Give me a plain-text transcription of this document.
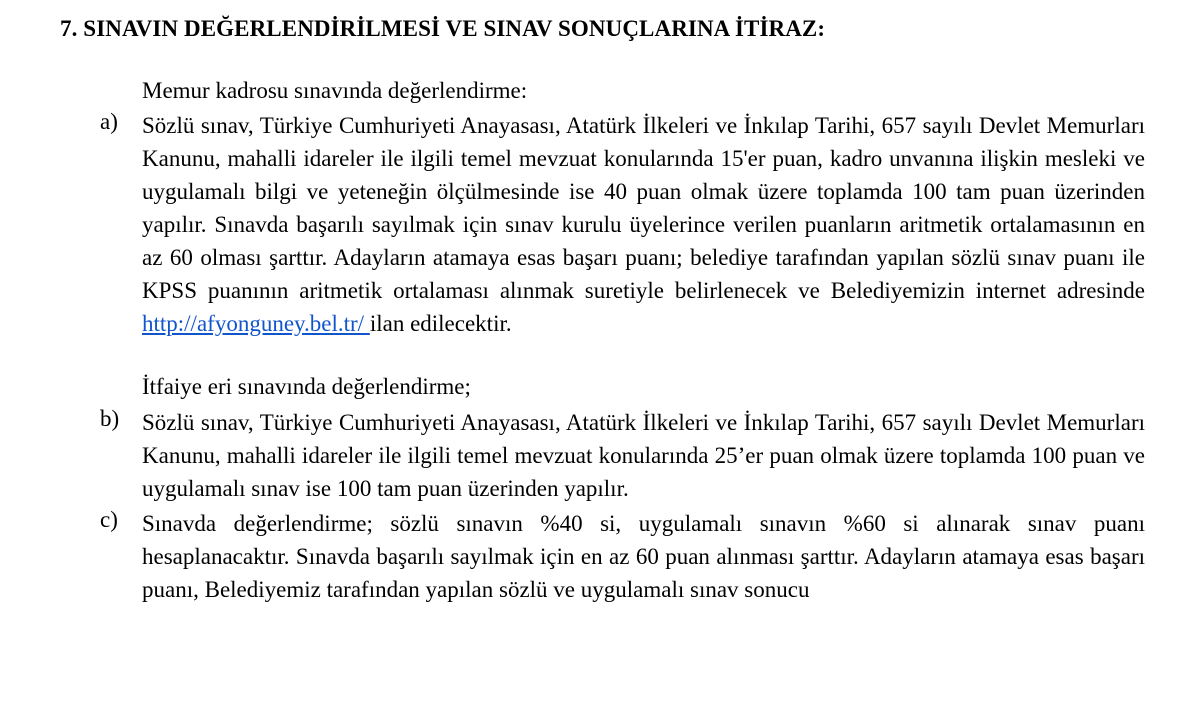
7. SINAVIN DEĞERLENDİRİLMESİ VE SINAV SONUÇLARINA İTİRAZ:
Memur kadrosu sınavında değerlendirme:
a) Sözlü sınav, Türkiye Cumhuriyeti Anayasası, Atatürk İlkeleri ve İnkılap Tarihi, 657 sayılı Devlet Memurları Kanunu, mahalli idareler ile ilgili temel mevzuat konularında 15'er puan, kadro unvanına ilişkin mesleki ve uygulamalı bilgi ve yeteneğin ölçülmesinde ise 40 puan olmak üzere toplamda 100 tam puan üzerinden yapılır. Sınavda başarılı sayılmak için sınav kurulu üyelerince verilen puanların aritmetik ortalamasının en az 60 olması şarttır. Adayların atamaya esas başarı puanı; belediye tarafından yapılan sözlü sınav puanı ile KPSS puanının aritmetik ortalaması alınmak suretiyle belirlenecek ve Belediyemizin internet adresinde http://afyonguney.bel.tr/ ilan edilecektir.
İtfaiye eri sınavında değerlendirme;
b) Sözlü sınav, Türkiye Cumhuriyeti Anayasası, Atatürk İlkeleri ve İnkılap Tarihi, 657 sayılı Devlet Memurları Kanunu, mahalli idareler ile ilgili temel mevzuat konularında 25’er puan olmak üzere toplamda 100 puan ve uygulamalı sınav ise 100 tam puan üzerinden yapılır.
c) Sınavda değerlendirme; sözlü sınavın %40 si, uygulamalı sınavın %60 si alınarak sınav puanı hesaplanacaktır. Sınavda başarılı sayılmak için en az 60 puan alınması şarttır. Adayların atamaya esas başarı puanı, Belediyemiz tarafından yapılan sözlü ve uygulamalı sınav sonucu
